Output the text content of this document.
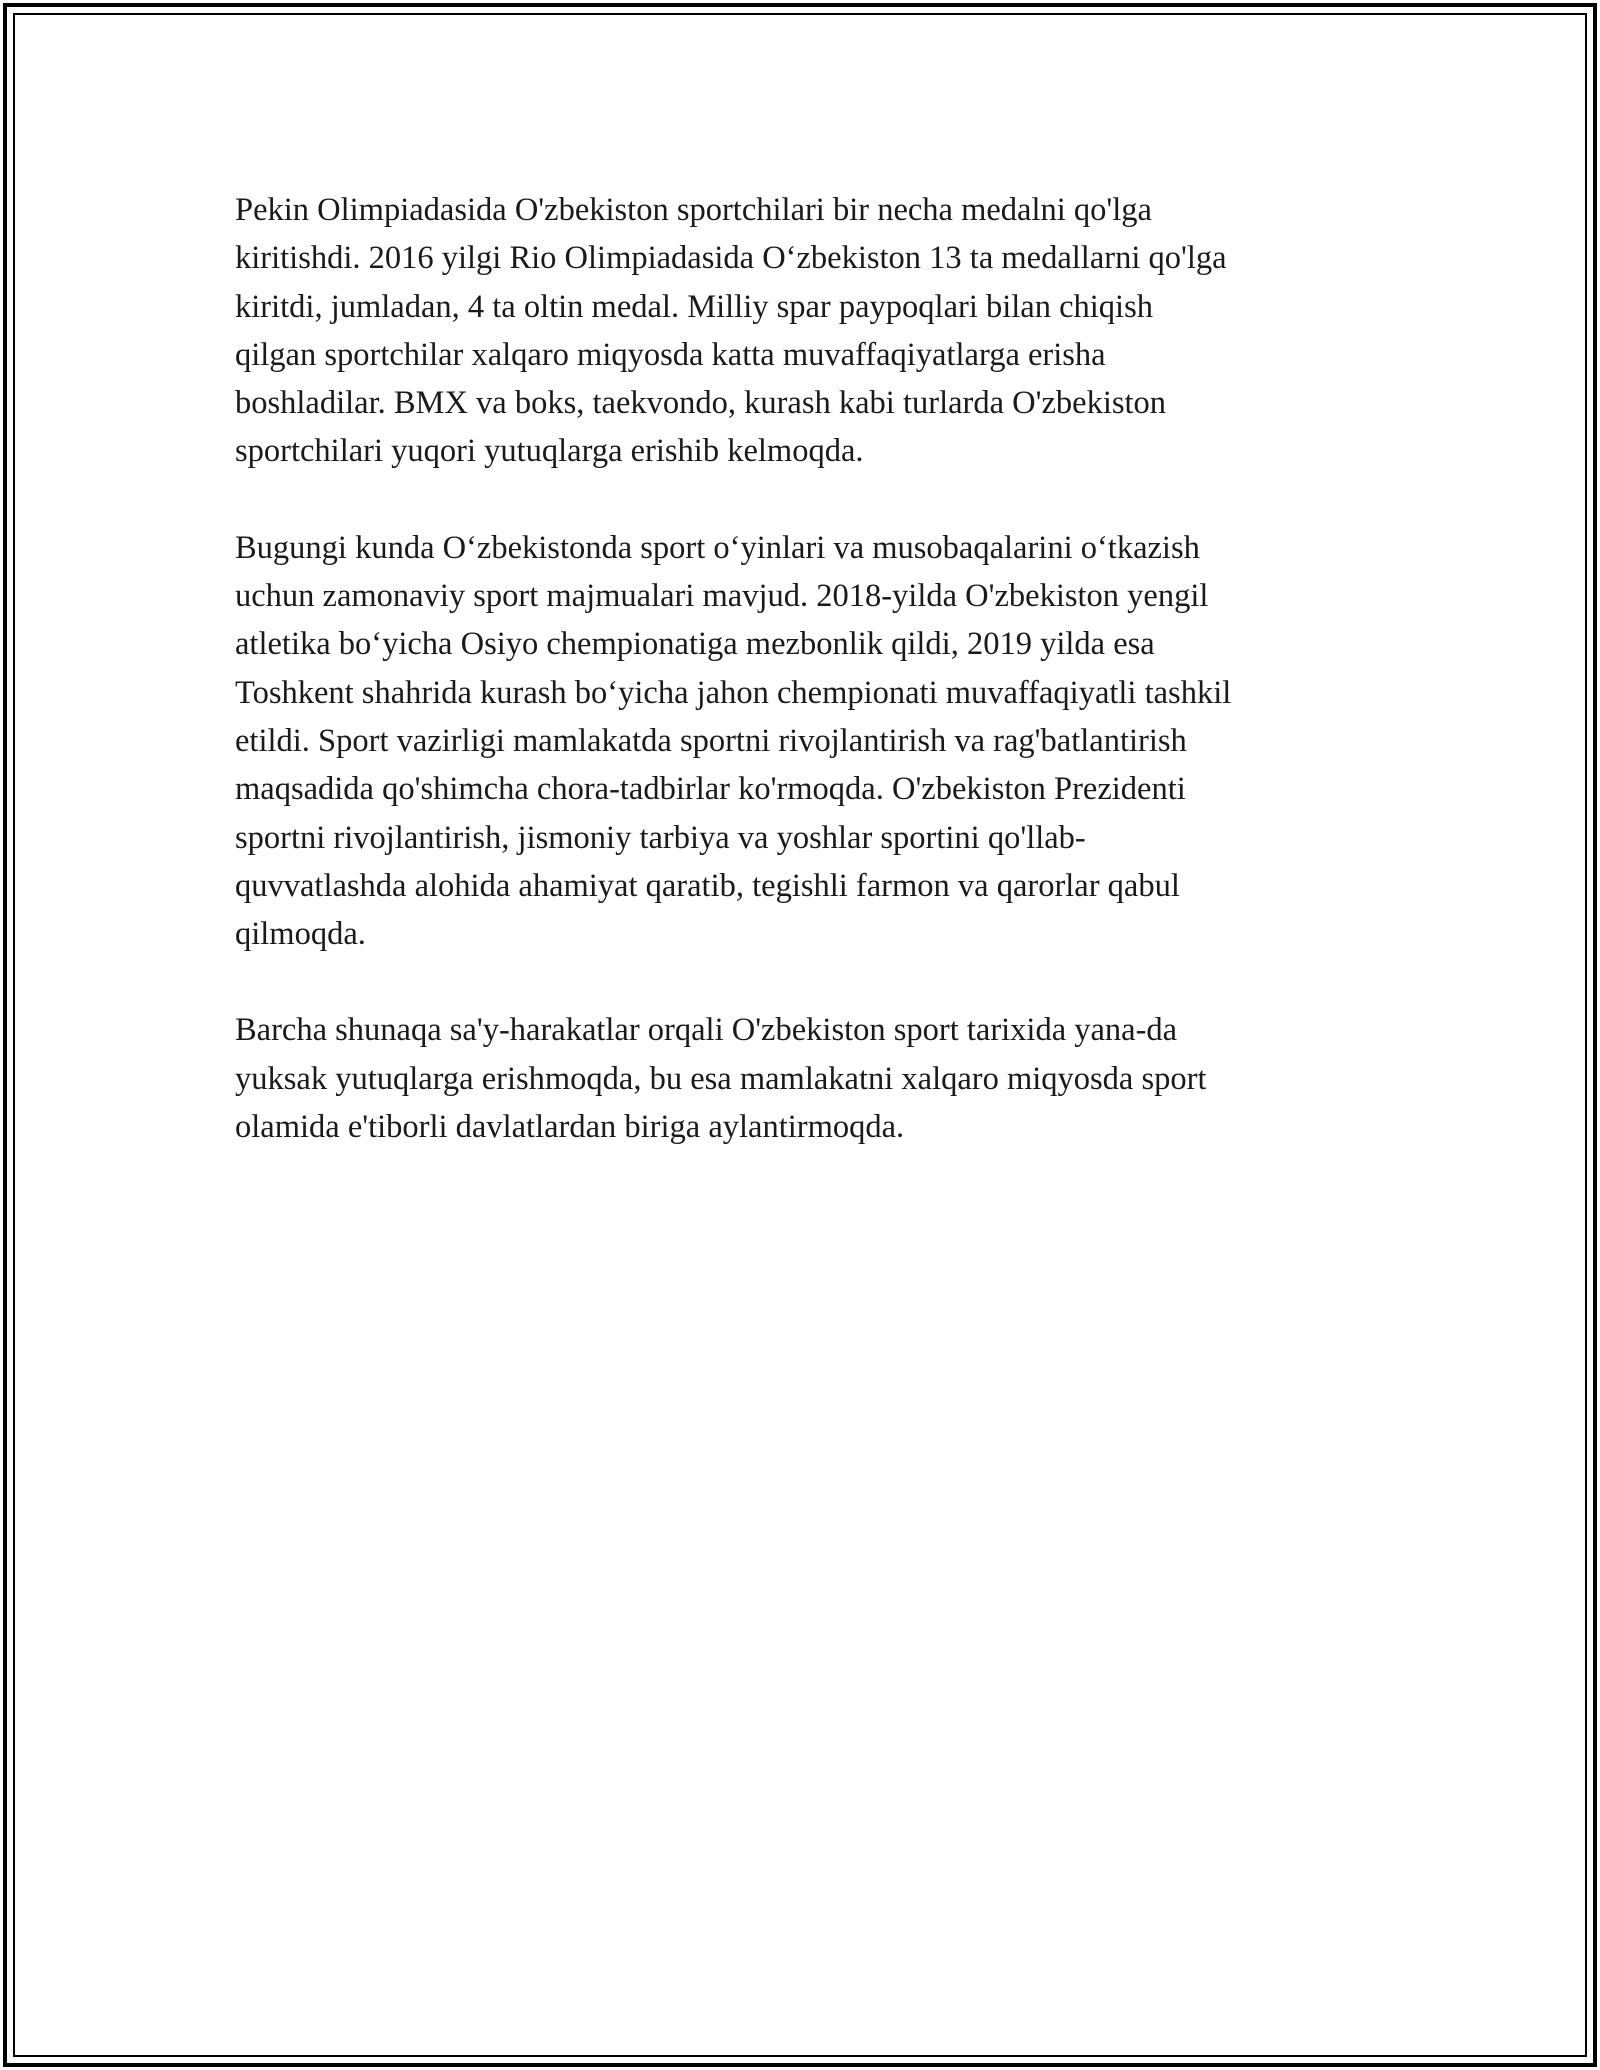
Pekin Olimpiadasida O'zbekiston sportchilari bir necha medalni qo'lga
kiritishdi. 2016 yilgi Rio Olimpiadasida O‘zbekiston 13 ta medallarni qo'lga
kiritdi, jumladan, 4 ta oltin medal. Milliy spar paypoqlari bilan chiqish
qilgan sportchilar xalqaro miqyosda katta muvaffaqiyatlarga erisha
boshladilar. BMX va boks, taekvondo, kurash kabi turlarda O'zbekiston
sportchilari yuqori yutuqlarga erishib kelmoqda.

Bugungi kunda O‘zbekistonda sport o‘yinlari va musobaqalarini o‘tkazish
uchun zamonaviy sport majmualari mavjud. 2018-yilda O'zbekiston yengil
atletika bo‘yicha Osiyo chempionatiga mezbonlik qildi, 2019 yilda esa
Toshkent shahrida kurash bo‘yicha jahon chempionati muvaffaqiyatli tashkil
etildi. Sport vazirligi mamlakatda sportni rivojlantirish va rag'batlantirish
maqsadida qo'shimcha chora-tadbirlar ko'rmoqda. O'zbekiston Prezidenti
sportni rivojlantirish, jismoniy tarbiya va yoshlar sportini qo'llab-
quvvatlashda alohida ahamiyat qaratib, tegishli farmon va qarorlar qabul
qilmoqda.

Barcha shunaqa sa'y-harakatlar orqali O'zbekiston sport tarixida yana-da
yuksak yutuqlarga erishmoqda, bu esa mamlakatni xalqaro miqyosda sport
olamida e'tiborli davlatlardan biriga aylantirmoqda.
